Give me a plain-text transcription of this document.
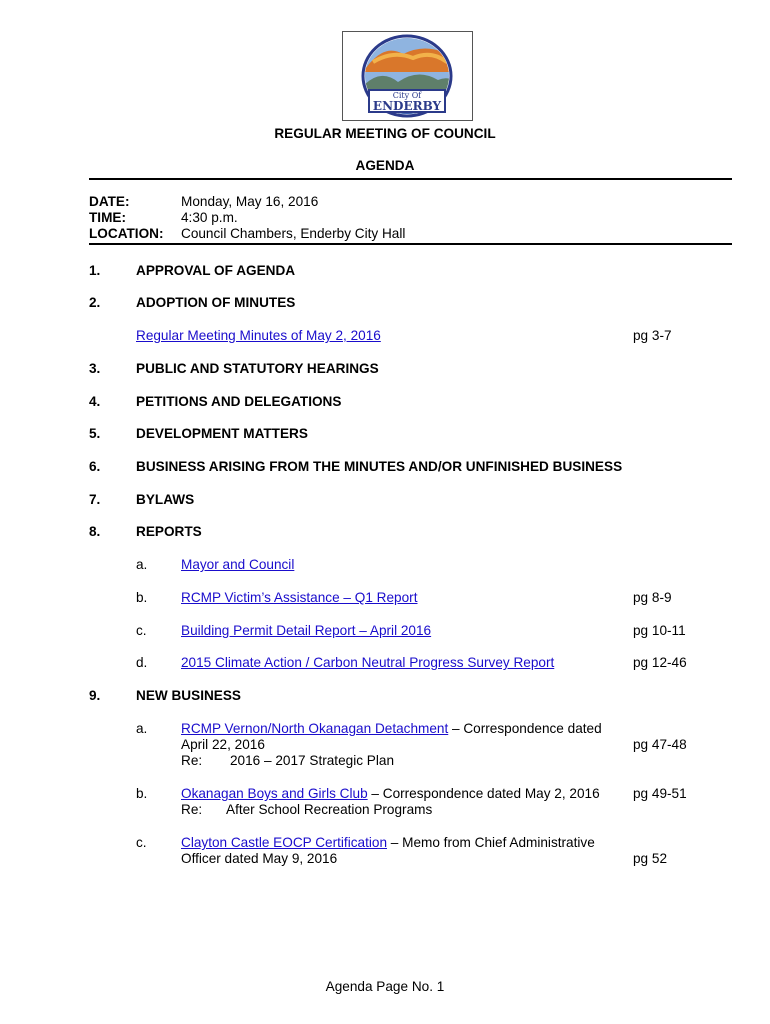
City Of
ENDERBY
REGULAR MEETING OF COUNCIL
AGENDA
DATE:	Monday, May 16, 2016
TIME:	4:30 p.m.
LOCATION: Council Chambers, Enderby City Hall
1.	APPROVAL OF AGENDA
2.	ADOPTION OF MINUTES
Regular Meeting Minutes of May 2, 2016	pg 3-7
3.	PUBLIC AND STATUTORY HEARINGS
4.	PETITIONS AND DELEGATIONS
5.	DEVELOPMENT MATTERS
6.	BUSINESS ARISING FROM THE MINUTES AND/OR UNFINISHED BUSINESS
7.	BYLAWS
8.	REPORTS
a. Mayor and Council
b. RCMP Victim’s Assistance – Q1 Report	pg 8-9
c.	Building Permit Detail Report – April 2016	pg 10-11
d. 2015 Climate Action / Carbon Neutral Progress Survey Report	pg 12-46
9.	NEW BUSINESS
a. RCMP Vernon/North Okanagan Detachment – Correspondence dated
April 22, 2016
Re: 2016 – 2017 Strategic Plan
pg 47-48
b. Okanagan Boys and Girls Club – Correspondence dated May 2, 2016
Re: After School Recreation Programs
pg 49-51
c.	Clayton Castle EOCP Certification – Memo from Chief Administrative
Officer dated May 9, 2016	pg 52
Agenda Page No. 1
